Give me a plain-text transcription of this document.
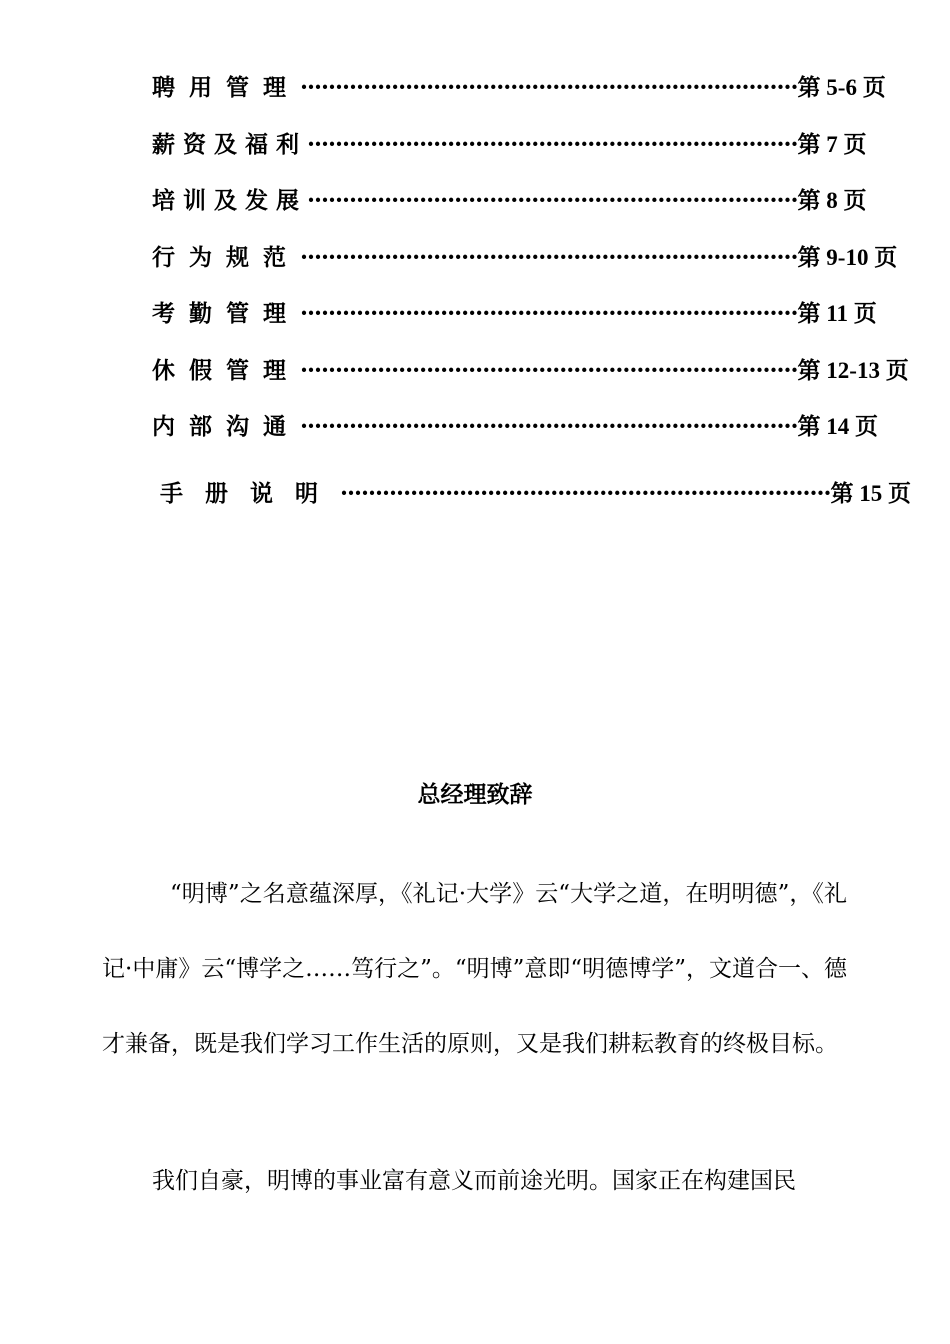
聘用管理·······································································第 5-6 页
薪资及福利······································································第 7 页
培训及发展······································································第 8 页
行为规范·······································································第 9-10 页
考勤管理·······································································第 11 页
休假管理·······································································第 12-13 页
内部沟通·······································································第 14 页
手册说明······································································第 15 页
总经理致辞
“明博”之名意蕴深厚，《礼记·大学》云“大学之道，在明明德”，《礼记·中庸》云“博学之……笃行之”。“明博”意即“明德博学”，文道合一、德才兼备，既是我们学习工作生活的原则，又是我们耕耘教育的终极目标。
我们自豪，明博的事业富有意义而前途光明。国家正在构建国民
